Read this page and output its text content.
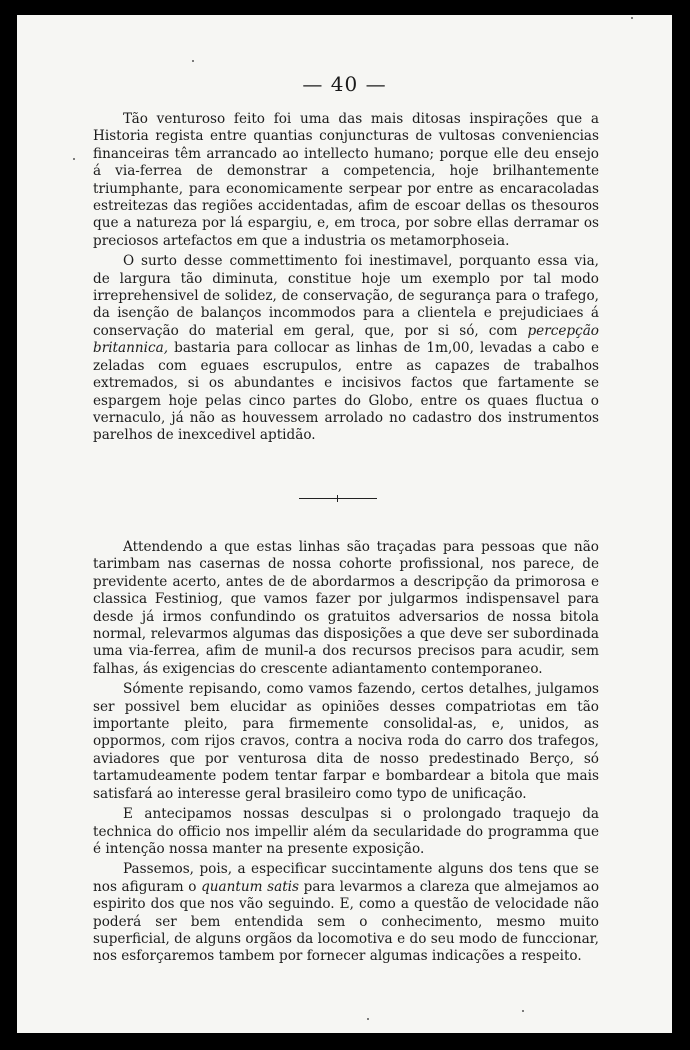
— 40 —

Tão venturoso feito foi uma das mais ditosas inspirações que a Historia regista entre quantias conjuncturas de vultosas conveniencias financeiras têm arrancado ao intellecto humano; porque elle deu ensejo á via-ferrea de demonstrar a competencia, hoje brilhantemente triumphante, para economicamente serpear por entre as encaracoladas estreitezas das regiões accidentadas, afim de escoar dellas os thesouros que a natureza por lá espargiu, e, em troca, por sobre ellas derramar os preciosos artefactos em que a industria os metamorphoseia.

O surto desse commettimento foi inestimavel, porquanto essa via, de largura tão diminuta, constitue hoje um exemplo por tal modo irreprehensivel de solidez, de conservação, de segurança para o trafego, da isenção de balanços incommodos para a clientela e prejudiciaes á conservação do material em geral, que, por si só, com percepção britannica, bastaria para collocar as linhas de 1m,00, levadas a cabo e zeladas com eguaes escrupulos, entre as capazes de trabalhos extremados, si os abundantes e incisivos factos que fartamente se espargem hoje pelas cinco partes do Globo, entre os quaes fluctua o vernaculo, já não as houvessem arrolado no cadastro dos instrumentos parelhos de inexcedivel aptidão.

Attendendo a que estas linhas são traçadas para pessoas que não tarimbam nas casernas de nossa cohorte profissional, nos parece, de previdente acerto, antes de de abordarmos a descripção da primorosa e classica Festiniog, que vamos fazer por julgarmos indispensavel para desde já irmos confundindo os gratuitos adversarios de nossa bitola normal, relevarmos algumas das disposições a que deve ser subordinada uma via-ferrea, afim de munil-a dos recursos precisos para acudir, sem falhas, ás exigencias do crescente adiantamento contemporaneo.

Sómente repisando, como vamos fazendo, certos detalhes, julgamos ser possivel bem elucidar as opiniões desses compatriotas em tão importante pleito, para firmemente consolidal-as, e, unidos, as oppormos, com rijos cravos, contra a nociva roda do carro dos trafegos, aviadores que por venturosa dita de nosso predestinado Berço, só tartamudeamente podem tentar farpar e bombardear a bitola que mais satisfará ao interesse geral brasileiro como typo de unificação.

E antecipamos nossas desculpas si o prolongado traquejo da technica do officio nos impellir além da secularidade do programma que é intenção nossa manter na presente exposição.

Passemos, pois, a especificar succintamente alguns dos tens que se nos afiguram o quantum satis para levarmos a clareza que almejamos ao espirito dos que nos vão seguindo. E, como a questão de velocidade não poderá ser bem entendida sem o conhecimento, mesmo muito superficial, de alguns orgãos da locomotiva e do seu modo de funccionar, nos esforçaremos tambem por fornecer algumas indicações a respeito.
